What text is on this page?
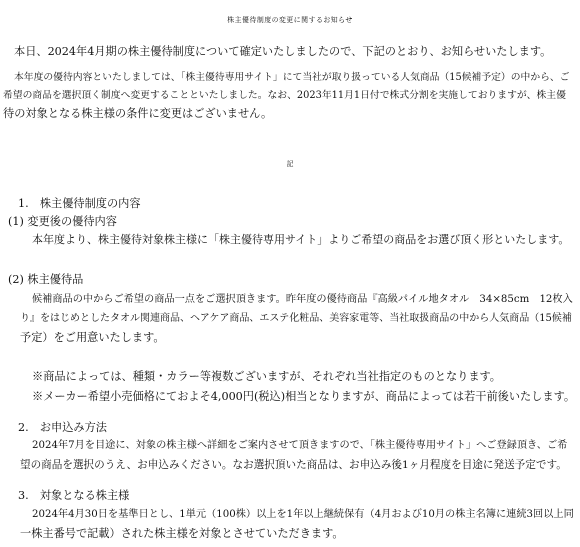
株主優待制度の変更に関するお知らせ
本日、2024年4月期の株主優待制度について確定いたしましたので、下記のとおり、お知らせいたします。
本年度の優待内容といたしましては、「株主優待専用サイト」にて当社が取り扱っている人気商品（15候補予定）の中から、ご
希望の商品を選択頂く制度へ変更することといたしました。なお、2023年11月1日付で株式分割を実施しておりますが、株主優
待の対象となる株主様の条件に変更はございません。
記
1.　株主優待制度の内容
(1) 変更後の優待内容
本年度より、株主優待対象株主様に「株主優待専用サイト」よりご希望の商品をお選び頂く形といたします。
(2) 株主優待品
候補商品の中からご希望の商品一点をご選択頂きます。昨年度の優待商品『高級パイル地タオル　34×85cm　12枚入
り』をはじめとしたタオル関連商品、ヘアケア商品、エステ化粧品、美容家電等、当社取扱商品の中から人気商品（15候補
予定）をご用意いたします。
※商品によっては、種類・カラー等複数ございますが、それぞれ当社指定のものとなります。
※メーカー希望小売価格にておよそ4,000円(税込)相当となりますが、商品によっては若干前後いたします。
2.　お申込み方法
2024年7月を目途に、対象の株主様へ詳細をご案内させて頂きますので、「株主優待専用サイト」へご登録頂き、ご希
望の商品を選択のうえ、お申込みください。なお選択頂いた商品は、お申込み後1ヶ月程度を目途に発送予定です。
3.　対象となる株主様
2024年4月30日を基準日とし、1単元（100株）以上を1年以上継続保有（4月および10月の株主名簿に連続3回以上同
一株主番号で記載）された株主様を対象とさせていただきます。
